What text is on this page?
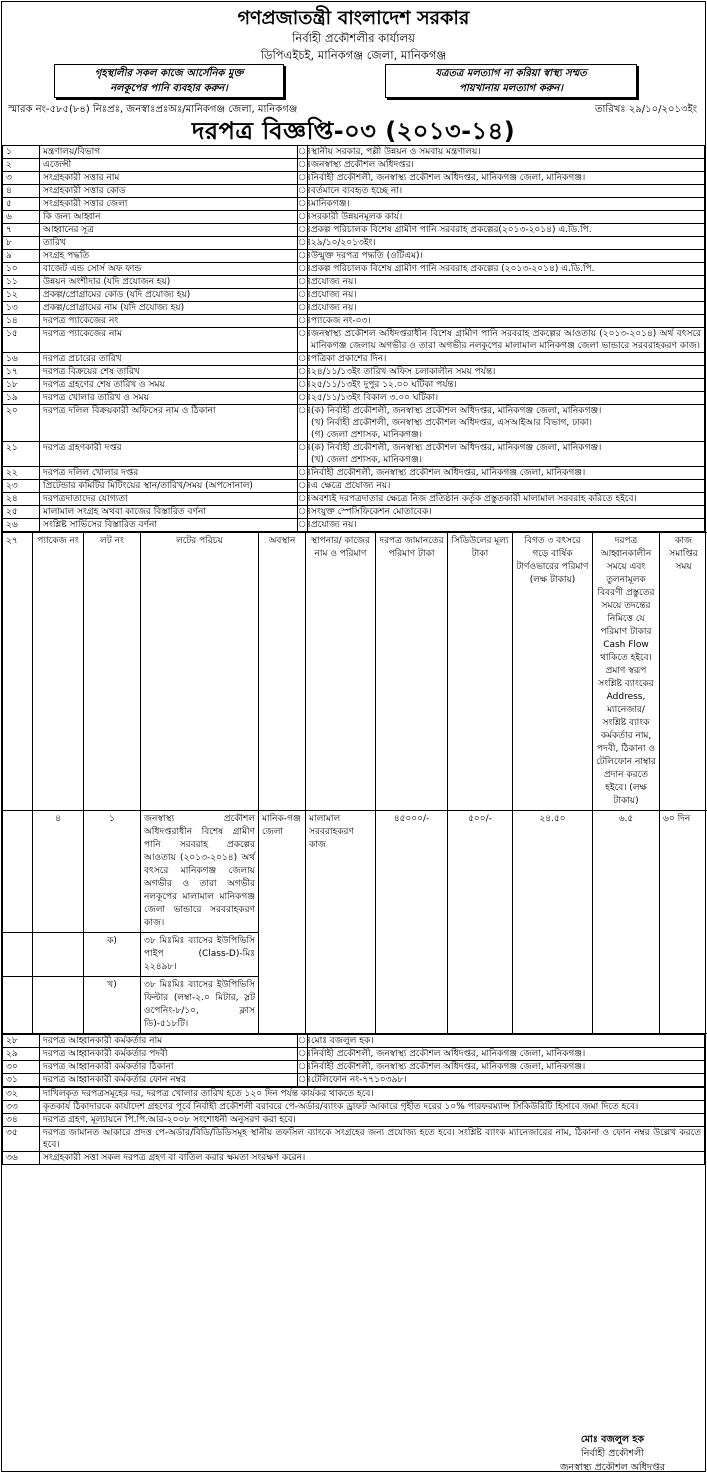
গণপ্রজাতন্ত্রী বাংলাদেশ সরকার
নির্বাহী প্রকৌশলীর কার্যালয়
ডিপিএইচই, মানিকগঞ্জ জেলা, মানিকগঞ্জ
গৃহস্থালীর সকল কাজে আর্সেনিক মুক্ত
নলকূপের পানি ব্যবহার করুন।
যত্রতত্র মলত্যাগ না করিয়া স্বাস্থ্য সম্মত
পায়খানায় মলত্যাগ করুন।
স্মারক নং-৫৮৫(৮৪) নিঃপ্রঃ, জনস্বাঃপ্রঃঅঃ/মানিকগঞ্জ জেলা, মানিকগঞ্জ	তারিখঃ ২৯/১০/২০১৩ইং
দরপত্র বিজ্ঞপ্তি-০৩ (২০১৩-১৪)
১	মন্ত্রণালয়/বিভাগ	ঃ	স্থানীয় সরকার, পল্লী উন্নয়ন ও সমবায় মন্ত্রণালয়।

২	এজেন্সী	ঃ	জনস্বাস্থ্য প্রকৌশল অধিদপ্তর।

৩	সংগ্রহকারী সত্তার নাম	ঃ	নির্বাহী প্রকৌশলী, জনস্বাস্থ্য প্রকৌশল অধিদপ্তর, মানিকগঞ্জ জেলা, মানিকগঞ্জ।

৪	সংগ্রহকারী সত্তার কোড	ঃ	বর্তমানে ব্যবহৃত হচ্ছে না।

৫	সংগ্রহকারী সত্তার জেলা	ঃ	মানিকগঞ্জ।

৬	কি জন্য আহ্বান	ঃ	সরকারী উন্নয়নমূলক কার্য।

৭	আহ্বানের সূত্র	ঃ	প্রকল্প পরিচালক বিশেষ গ্রামীণ পানি সরবরাহ প্রকল্পের(২০১৩-২০১৪) এ.ডি.পি.

৮	তারিখ	ঃ	২৯/১০/২০১৩ইং।

৯	সংগ্রহ পদ্ধতি	ঃ	উন্মুক্ত দরপত্র পদ্ধতি (ওটিএম)।

১০	বাজেট এন্ড সোর্স অফ ফান্ড	ঃ	প্রকল্প পরিচালক বিশেষ গ্রামীণ পানি সরবরাহ প্রকল্পের (২০১৩-২০১৪) এ.ডি.পি.

১১	উন্নয়ন অংশীদার (যদি প্রযোজন হয়)	ঃ	প্রযোজ্য নয়।

১২	প্রকল্প/প্রোগ্রামের কোড (যদি প্রযোজ্য হয়)	ঃ	প্রযোজ্য নয়।

১৩	প্রকল্প/প্রোগ্রামের নাম (যদি প্রযোজ্য হয়)	ঃ	প্রযোজ্য নয়।

১৪	দরপত্র প্যাকেজের নং	ঃ	প্যাকেজ নং-০৩।

১৫	দরপত্র প্যাকেজের নাম	ঃ	জনস্বাস্থ্য প্রকৌশল অধিদপ্তরাধীন বিশেষ গ্রামীণ পানি সরবরাহ প্রকল্পের আওতায় (২০১৩-২০১৪) অর্থ বৎসরে মানিকগঞ্জ জেলায় অগভীর ও তারা অগভীর নলকূপের মালামাল মানিকগঞ্জ জেলা ভান্ডারে সরবরাহকরণ কাজ।

১৬	দরপত্র প্রচারের তারিখ	ঃ	পত্রিকা প্রকাশের দিন।

১৭	দরপত্র বিক্রয়ের শেষ তারিখ	ঃ	২৪/১১/১৩ইং তারিখ অফিস চলাকালীন সময় পর্যন্ত।

১৮	দরপত্র গ্রহণের শেষ তারিখ ও সময়	ঃ	২৫/১১/১৩ইং দুপুর ১২.০০ ঘটিকা পর্যন্ত।

১৯	দরপত্র খোলার তারিখ ও সময়	ঃ	২৫/১১/১৩ইং বিকাল ৩.০০ ঘটিকা।

২০	দরপত্র দলিল বিক্রয়কারী অফিসের নাম ও ঠিকানা	ঃ	(ক) নির্বাহী প্রকৌশলী, জনস্বাস্থ্য প্রকৌশল অধিদপ্তর, মানিকগঞ্জ জেলা, মানিকগঞ্জ।
(খ) নির্বাহী প্রকৌশলী, জনস্বাস্থ্য প্রকৌশল অধিদপ্তর, এসআইআর বিভাগ, ঢাকা।
(গ) জেলা প্রশাসক, মানিকগঞ্জ।

২১	দরপত্র গ্রহণকারী দপ্তর	ঃ	(ক) নির্বাহী প্রকৌশলী, জনস্বাস্থ্য প্রকৌশল অধিদপ্তর, মানিকগঞ্জ জেলা, মানিকগঞ্জ।
(খ) জেলা প্রশাসক, মানিকগঞ্জ।

২২	দরপত্র দলিল খোলার দপ্তর	ঃ	নির্বাহী প্রকৌশলী, জনস্বাস্থ্য প্রকৌশল অধিদপ্তর, মানিকগঞ্জ জেলা, মানিকগঞ্জ।

২৩	প্রিটেন্ডার কমিটির মিটিংয়ের স্থান/তারিখ/সময় (অপসোনাল)	ঃ	এ ক্ষেত্রে প্রযোজ্য নয়।

২৪	দরপত্রদাতাদের যোগ্যতা	ঃ	অবশ্যই দরপত্রদাতার ক্ষেত্রে নিজ প্রতিষ্ঠান কর্তৃক প্রস্তুতকারী মালামাল সরবরাহ করিতে হইবে।

২৫	মালামাল সংগ্রহ অথবা কাজের বিস্তারিত বর্ণনা	ঃ	সংযুক্ত স্পেসিফিকেশন মোতাবেক।

২৬	সংশ্লিষ্ট সার্ভিসের বিস্তারিত বর্ণনা	ঃ	প্রযোজ্য নয়।
২৭	প্যাকেজ নং	লট নং	লটের পরিচয়	অবস্থান	স্থাপনার/ কাজের নাম ও পরিমাণ	দরপত্র জামানতের পরিমাণ টাকা	সিডিউলের মূল্য টাকা	বিগত ৩ বৎসরে গড়ে বার্ষিক টার্ণওভারের পরিমাণ (লক্ষ টাকায়)	দরপত্র আহ্বানকালীন সময়ে এবং তুলনামূলক বিবরণী প্রস্তুতের সময়ে তদন্তের নিমিত্তে যে পরিমাণ টাকার Cash Flow থাকিতে হইবে। প্রমাণ স্বরূপ সংশ্লিষ্ট ব্যাংকের Address, ম্যানেজার/সংশ্লিষ্ট ব্যাংক কর্মকর্তার নাম, পদবী, ঠিকানা ও টেলিফোন নাম্বার প্রদান করতে হইবে। (লক্ষ টাকায়)	কাজ সমাপ্তির সময়
	৪	১	জনস্বাস্থ্য প্রকৌশল অধিদপ্তরাধীন বিশেষ গ্রামীণ পানি সরবরাহ প্রকল্পের আওতায় (২০১৩-২০১৪) অর্থ বৎসরে মানিকগঞ্জ জেলায় অগভীর ও তারা অগভীর নলকূপের মালামাল মানিকগঞ্জ জেলা ভান্ডারে সরবরাহকরণ কাজ।	মানিক-গঞ্জ জেলা	মালামাল সরবরাহকরণ কাজ	৪৫০০০/-	৫০০/-	২৪.৫০	৬.৫	৬০ দিন
		ক)	৩৮ মিঃমিঃ ব্যাসের ইউপিভিসি পাইপ (Class-D)-মিঃ ২২৪৯৮।							
		খ)	৩৮ মিঃমিঃ ব্যাসের ইউপিভিসি ফিল্টার (লম্বা-২.০ মিটার, স্লট ওপেনিং-৮/১০, ক্লাস ডি)-৫১৮টি।							
২৮	দরপত্র আহ্বানকারী কর্মকর্তার নাম	ঃ	মোঃ বজলুল হক।
২৯	দরপত্র আহ্বানকারী কর্মকর্তার পদবী	ঃ	নির্বাহী প্রকৌশলী, জনস্বাস্থ্য প্রকৌশল অধিদপ্তর, মানিকগঞ্জ জেলা, মানিকগঞ্জ।
৩০	দরপত্র আহ্বানকারী কর্মকর্তার ঠিকানা	ঃ	নির্বাহী প্রকৌশলী, জনস্বাস্থ্য প্রকৌশল অধিদপ্তর, মানিকগঞ্জ জেলা, মানিকগঞ্জ।
৩১	দরপত্র আহ্বানকারী কর্মকর্তার ফোন নম্বর	ঃ	টেলিফোন নং-৭৭১০৩৯৮।
৩২	দাখিলকৃত দরপত্রসমূহের দর, দরপত্র খোলার তারিখ হতে ১২০ দিন পর্যন্ত কার্যকর থাকতে হবে।
৩৩	কৃতকার্য ঠিকাদারকে কার্যাদেশ গ্রহণের পূর্বে নির্বাহী প্রকৌশলী বরাবরে পে-অর্ডার/ব্যাংক ড্রাফট আকারে গৃহীত দরের ১০% পারফরম্যান্স সিকিউরিটি হিসাবে জমা দিতে হবে।
৩৪	দরপত্র গ্রহণ, মূল্যায়নে পি.পি.আর-২০০৮ সংশোধনী অনুসরণ করা হবে।
৩৫	দরপত্র জামানত আকারে প্রদত্ত পে-অর্ডার/বিডি/ডিডিসমূহ স্থানীয় তফসিল ব্যাংকে সংগ্রহের জন্য প্রযোজ্য হতে হবে। সংশ্লিষ্ট ব্যাংক ম্যানেজারের নাম, ঠিকানা ও ফোন নম্বর উল্লেখ করতে হবে।
৩৬	সংগ্রহকারী সত্তা সকল দরপত্র গ্রহণ বা বাতিল করার ক্ষমতা সংরক্ষণ করেন।
মোঃ বজলুল হক
নির্বাহী প্রকৌশলী
জনস্বাস্থ্য প্রকৌশল অধিদপ্তর
